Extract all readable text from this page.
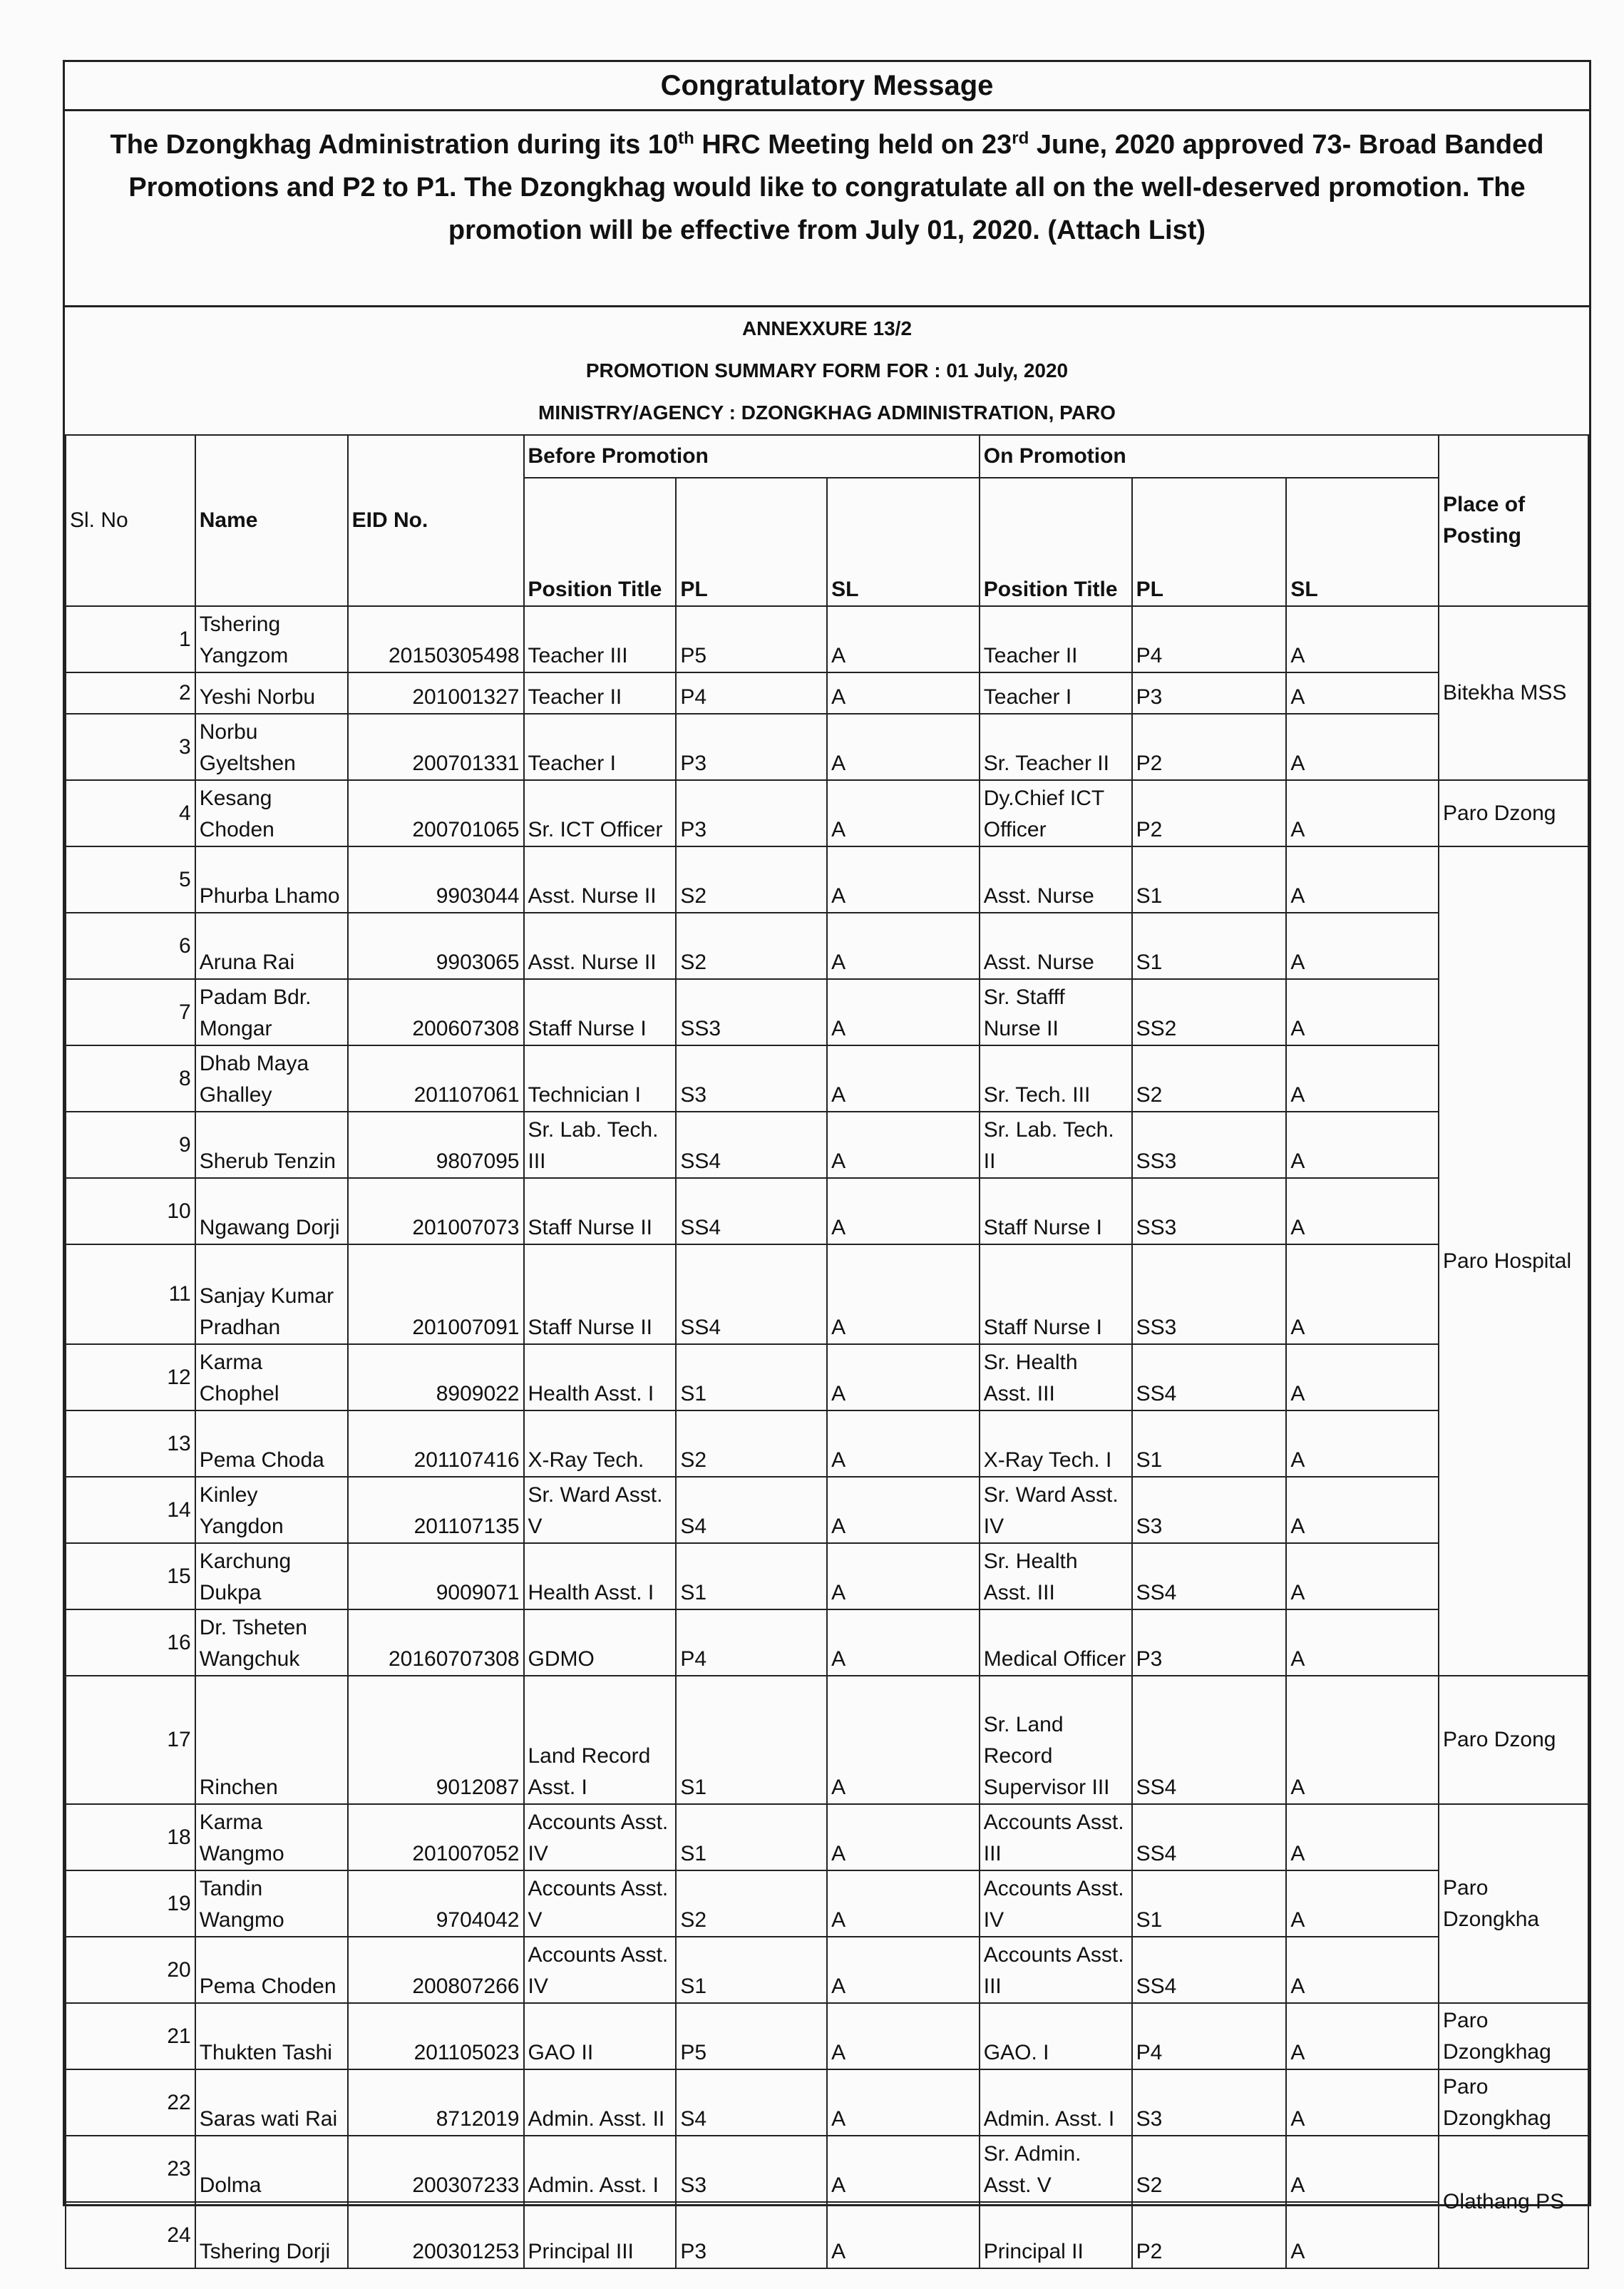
Congratulatory Message
The Dzongkhag Administration during its 10th HRC Meeting held on 23rd June, 2020 approved 73- Broad Banded Promotions and P2 to P1. The Dzongkhag would like to congratulate all on the well-deserved promotion. The promotion will be effective from July 01, 2020. (Attach List)
ANNEXXURE 13/2
PROMOTION SUMMARY FORM FOR : 01 July, 2020
MINISTRY/AGENCY : DZONGKHAG ADMINISTRATION, PARO
Sl. No	Name	EID No.	Before Promotion			On Promotion			Place of Posting
			Position Title	PL	SL	Position Title	PL	SL	
1	Tshering Yangzom	20150305498	Teacher III	P5	A	Teacher II	P4	A	Bitekha MSS
2	Yeshi Norbu	201001327	Teacher II	P4	A	Teacher I	P3	A	
3	Norbu Gyeltshen	200701331	Teacher I	P3	A	Sr. Teacher II	P2	A	
4	Kesang Choden	200701065	Sr. ICT Officer	P3	A	Dy.Chief ICT Officer	P2	A	Paro Dzong
5	Phurba Lhamo	9903044	Asst. Nurse II	S2	A	Asst. Nurse	S1	A	Paro Hospital
6	Aruna Rai	9903065	Asst. Nurse II	S2	A	Asst. Nurse	S1	A	
7	Padam Bdr. Mongar	200607308	Staff Nurse I	SS3	A	Sr. Stafff Nurse II	SS2	A	
8	Dhab Maya Ghalley	201107061	Technician I	S3	A	Sr. Tech. III	S2	A	
9	Sherub Tenzin	9807095	Sr. Lab. Tech. III	SS4	A	Sr. Lab. Tech. II	SS3	A	
10	Ngawang Dorji	201007073	Staff Nurse II	SS4	A	Staff Nurse I	SS3	A	
11	Sanjay Kumar Pradhan	201007091	Staff Nurse II	SS4	A	Staff Nurse I	SS3	A	
12	Karma Chophel	8909022	Health Asst. I	S1	A	Sr. Health Asst. III	SS4	A	
13	Pema Choda	201107416	X-Ray Tech.	S2	A	X-Ray Tech. I	S1	A	
14	Kinley Yangdon	201107135	Sr. Ward Asst. V	S4	A	Sr. Ward Asst. IV	S3	A	
15	Karchung Dukpa	9009071	Health Asst. I	S1	A	Sr. Health Asst. III	SS4	A	
16	Dr. Tsheten Wangchuk	20160707308	GDMO	P4	A	Medical Officer	P3	A	
17	Rinchen	9012087	Land Record Asst. I	S1	A	Sr. Land Record Supervisor III	SS4	A	Paro Dzong
18	Karma Wangmo	201007052	Accounts Asst. IV	S1	A	Accounts Asst. III	SS4	A	Paro Dzongkha
19	Tandin Wangmo	9704042	Accounts Asst. V	S2	A	Accounts Asst. IV	S1	A	
20	Pema Choden	200807266	Accounts Asst. IV	S1	A	Accounts Asst. III	SS4	A	
21	Thukten Tashi	201105023	GAO II	P5	A	GAO. I	P4	A	Paro Dzongkhag
22	Saras wati Rai	8712019	Admin. Asst. II	S4	A	Admin. Asst. I	S3	A	Paro Dzongkhag
23	Dolma	200307233	Admin. Asst. I	S3	A	Sr. Admin. Asst. V	S2	A	Olathang PS
24	Tshering Dorji	200301253	Principal III	P3	A	Principal II	P2	A	
